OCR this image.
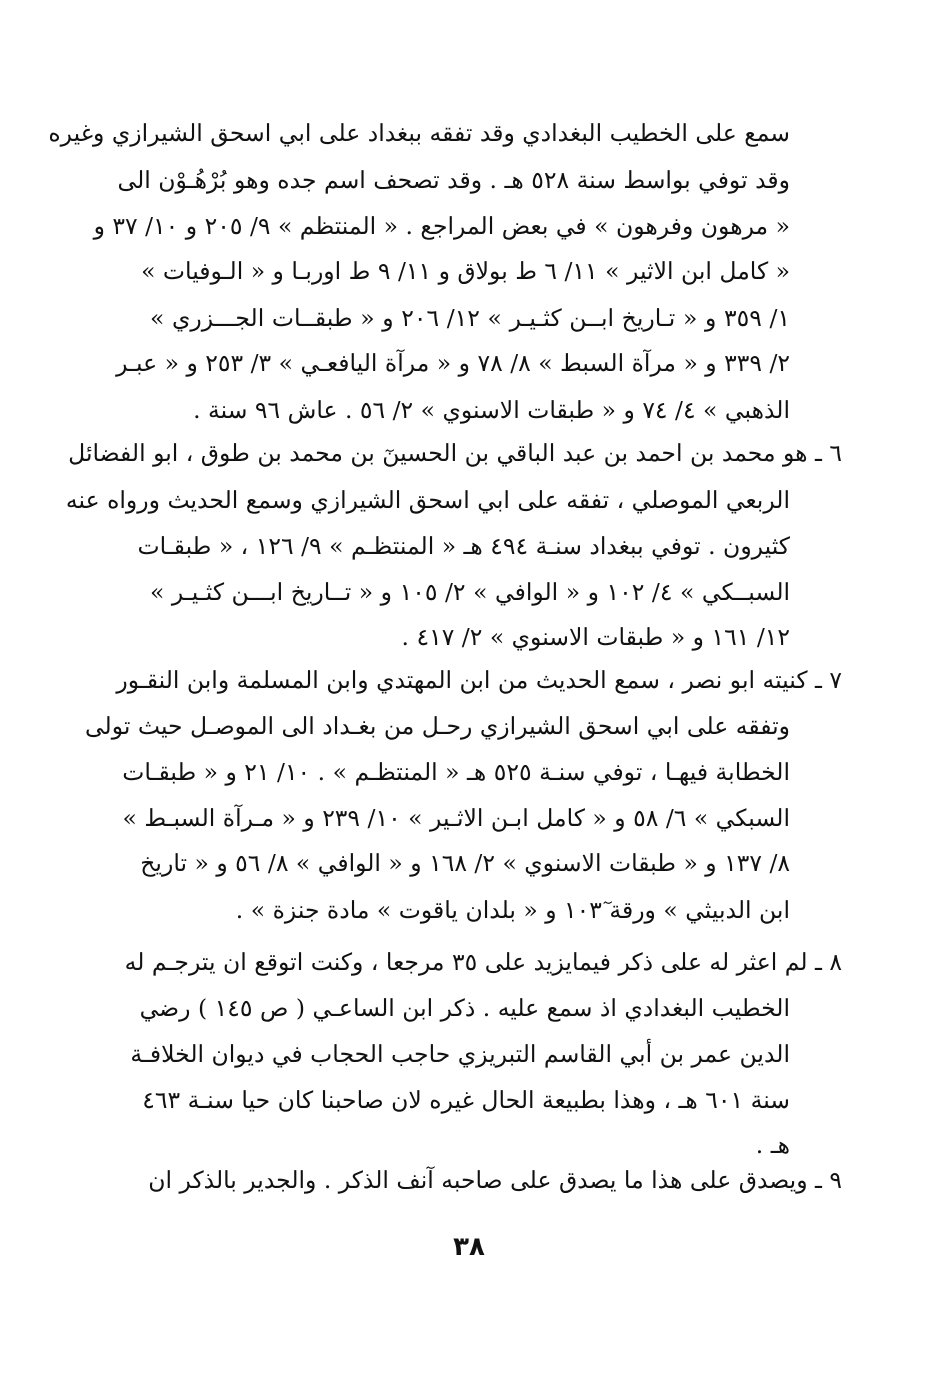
سمع على الخطيب البغدادي وقد تفقه ببغداد على ابي اسحق الشيرازي وغيره
وقد توفي بواسط سنة ٥٢٨ هـ . وقد تصحف اسم جده وهو بُرْهُـوْن الى
« مرهون وفرهون » في بعض المراجع . « المنتظم » ٩/ ٢٠٥ و ١٠/ ٣٧ و
« كامل ابن الاثير » ١١/ ٦ ط بولاق و ١١/ ٩ ط اوربـا و « الـوفيات »
١/ ٣٥٩ و « تـاريخ ابــن كثـيـر » ١٢/ ٢٠٦ و « طبقــات الجـــزري »
٢/ ٣٣٩ و « مرآة السبط » ٨/ ٧٨ و « مرآة اليافعـي » ٣/ ٢٥٣ و « عبـر
الذهبي » ٤/ ٧٤ و « طبقات الاسنوي » ٢/ ٥٦ . عاش ٩٦ سنة .
٦ ـ هو محمد بن احمد بن عبد الباقي بن الحسينٓ بن محمد بن طوق ، ابو الفضائل
الربعي الموصلي ، تفقه على ابي اسحق الشيرازي وسمع الحديث ورواه عنه
كثيرون . توفي ببغداد سنـة ٤٩٤ هـ « المنتظـم » ٩/ ١٢٦ ، « طبقـات
السبــكي » ٤/ ١٠٢ و « الوافي » ٢/ ١٠٥ و « تــاريخ ابـــن كثـيـر »
١٢/ ١٦١ و « طبقات الاسنوي » ٢/ ٤١٧ .
٧ ـ كنيته ابو نصر ، سمع الحديث من ابن المهتدي وابن المسلمة وابن النقـور
وتفقه على ابي اسحق الشيرازي رحـل من بغـداد الى الموصـل حيث تولى
الخطابة فيهـا ، توفي سنـة ٥٢٥ هـ « المنتظـم » . ١٠/ ٢١ و « طبقـات
السبكي » ٦/ ٥٨ و « كامل ابـن الاثـير » ١٠/ ٢٣٩ و « مـرآة السبـط »
٨/ ١٣٧ و « طبقات الاسنوي » ٢/ ١٦٨ و « الوافي » ٨/ ٥٦ و « تاريخ
ابن الدبيثي » ورقة ١٠٣ٓ و « بلدان ياقوت » مادة جنزة » .
٨ ـ لم اعثر له على ذكر فيمايزيد على ٣٥ مرجعا ، وكنت اتوقع ان يترجـم له
الخطيب البغدادي اذ سمع عليه . ذكر ابن الساعـي ( ص ١٤٥ ) رضي
الدين عمر بن أبي القاسم التبريزي حاجب الحجاب في ديوان الخلافـة
سنة ٦٠١ هـ ، وهذا بطبيعة الحال غيره لان صاحبنا كان حيا سنـة ٤٦٣
هـ .
٩ ـ ويصدق على هذا ما يصدق على صاحبه آنف الذكر . والجدير بالذكر ان
٣٨
